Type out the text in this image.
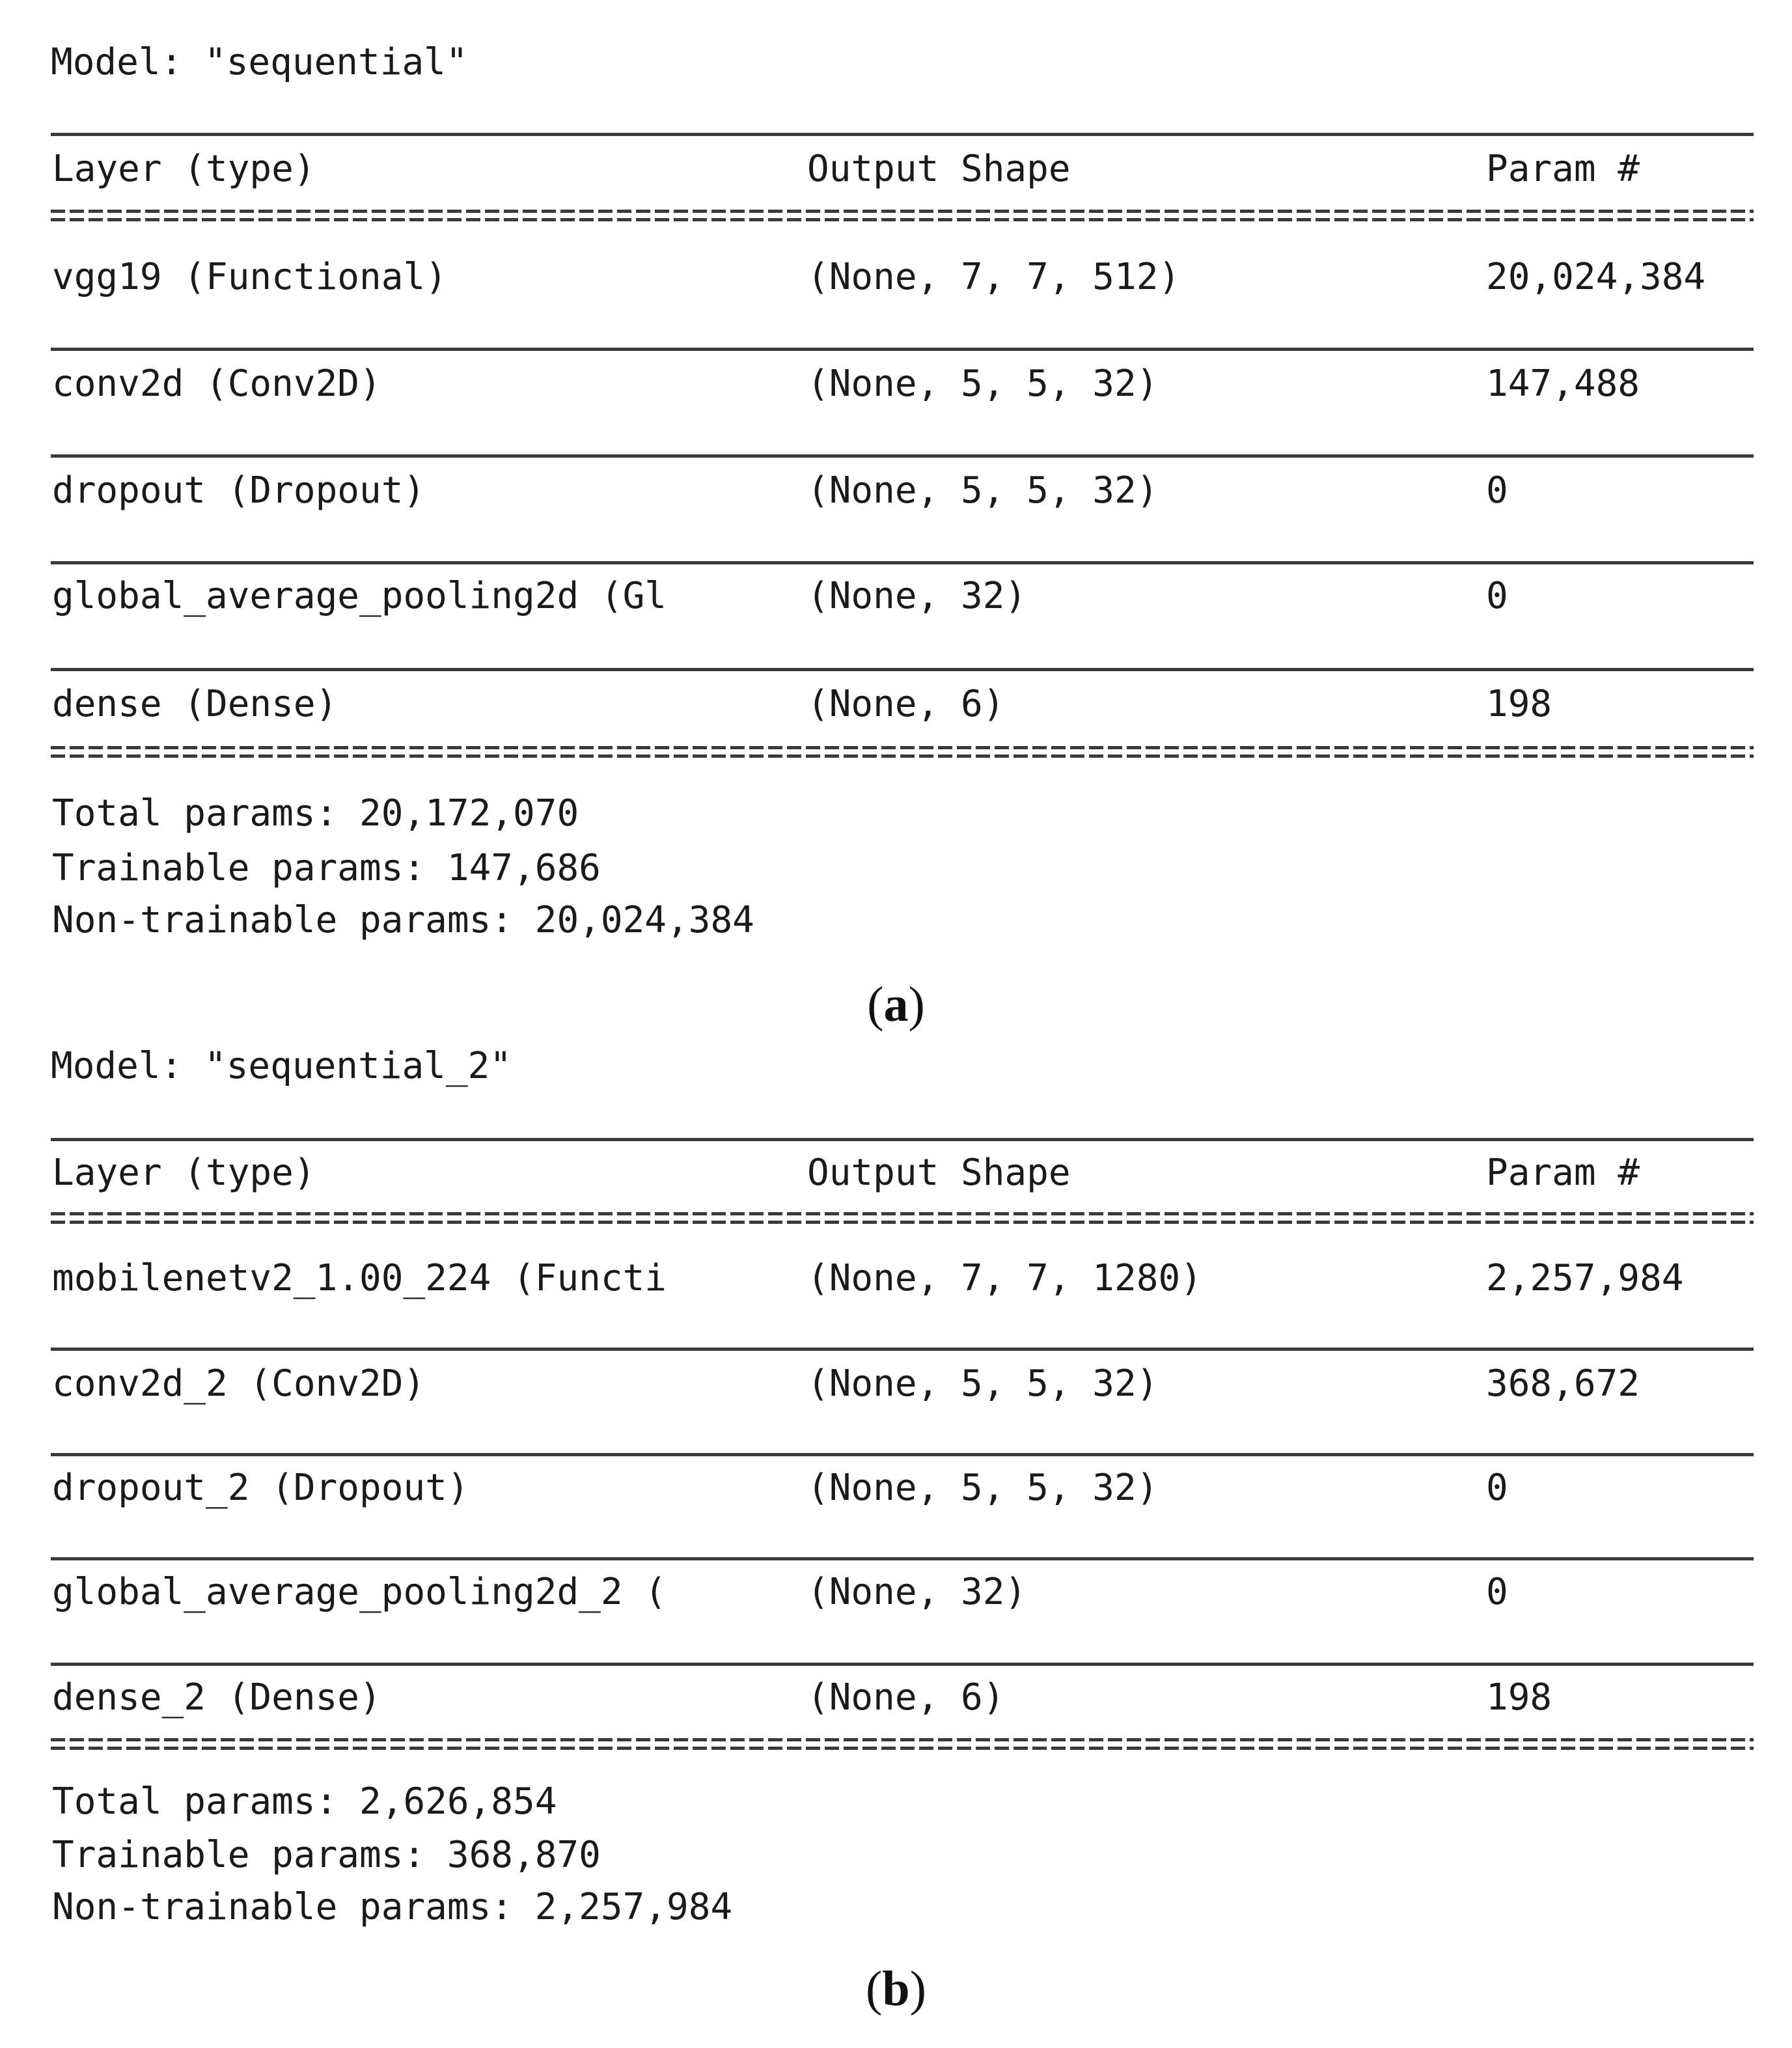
Model: "sequential"
Layer (type)	Output Shape	Param #
vgg19 (Functional)	(None, 7, 7, 512)	20,024,384
conv2d (Conv2D)	(None, 5, 5, 32)	147,488
dropout (Dropout)	(None, 5, 5, 32)	0
global_average_pooling2d (Gl	(None, 32)	0
dense (Dense)	(None, 6)	198
Total params: 20,172,070
Trainable params: 147,686
Non-trainable params: 20,024,384
(a)
Model: "sequential_2"
Layer (type)	Output Shape	Param #
mobilenetv2_1.00_224 (Functi	(None, 7, 7, 1280)	2,257,984
conv2d_2 (Conv2D)	(None, 5, 5, 32)	368,672
dropout_2 (Dropout)	(None, 5, 5, 32)	0
global_average_pooling2d_2 (	(None, 32)	0
dense_2 (Dense)	(None, 6)	198
Total params: 2,626,854
Trainable params: 368,870
Non-trainable params: 2,257,984
(b)
